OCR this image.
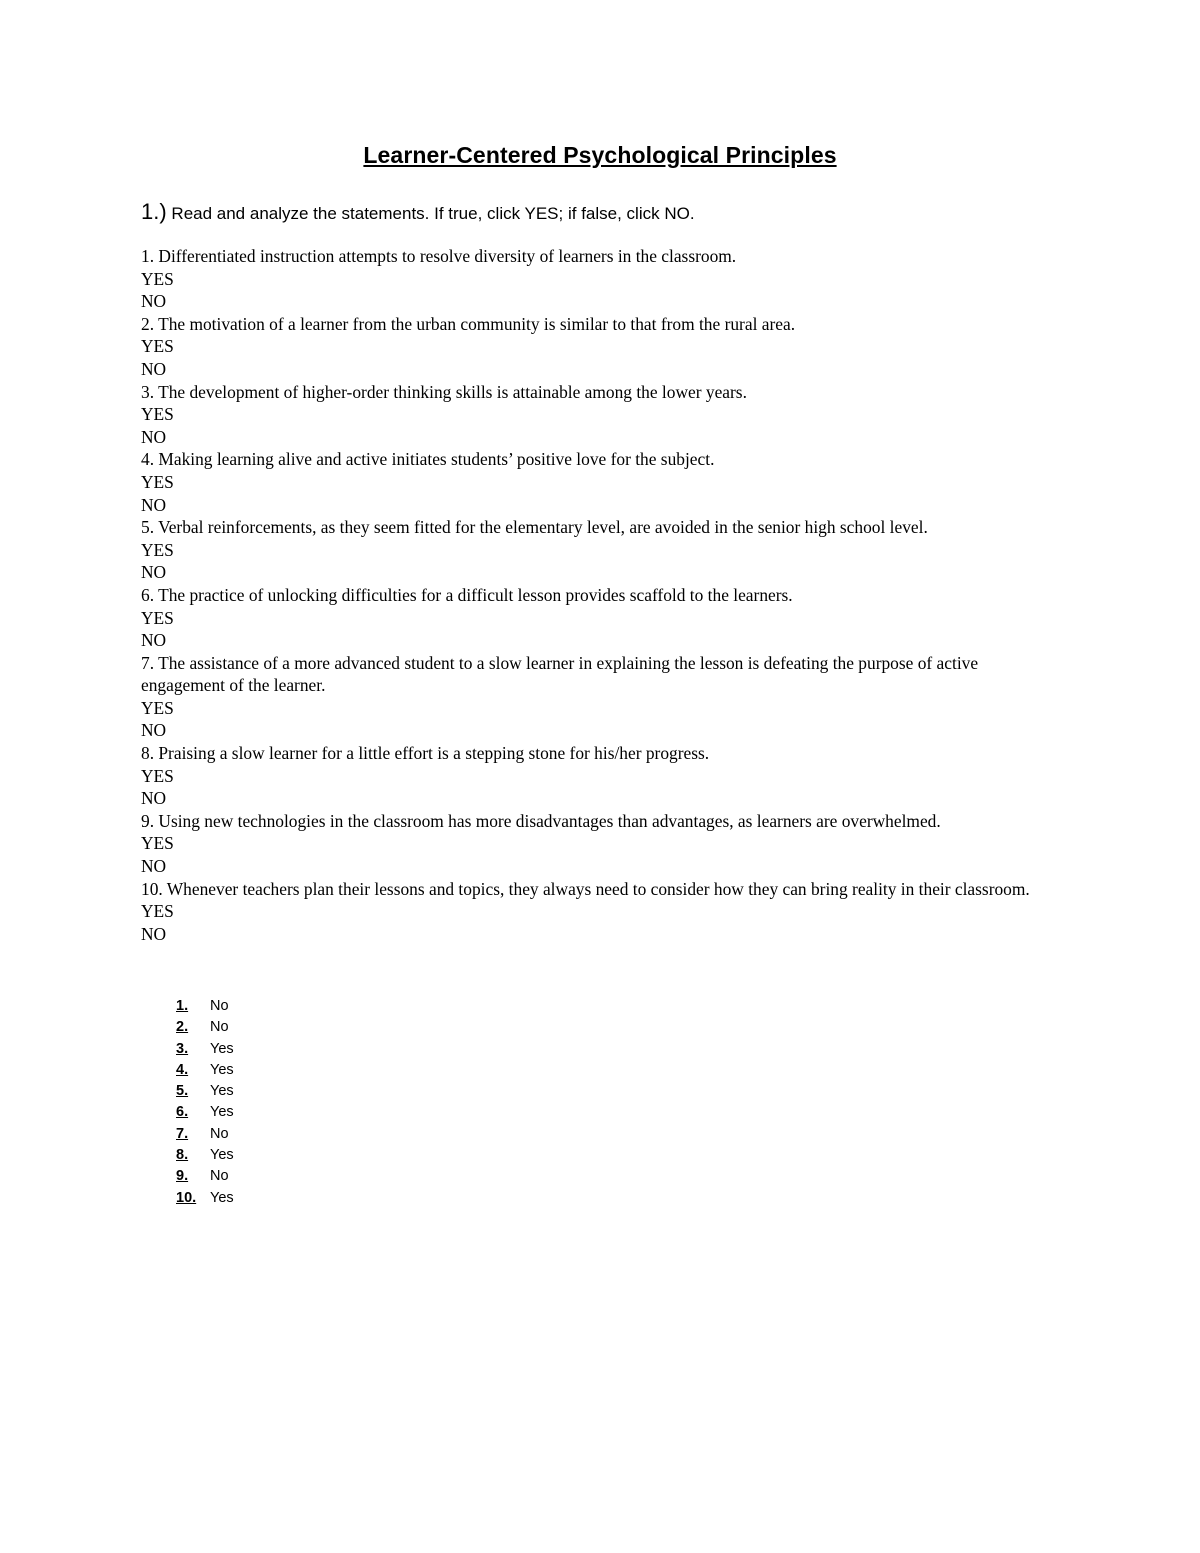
Learner-Centered Psychological Principles
1.) Read and analyze the statements. If true, click YES; if false, click NO.
1. Differentiated instruction attempts to resolve diversity of learners in the classroom.
YES
NO
2. The motivation of a learner from the urban community is similar to that from the rural area.
YES
NO
3. The development of higher-order thinking skills is attainable among the lower years.
YES
NO
4. Making learning alive and active initiates students’ positive love for the subject.
YES
NO
5. Verbal reinforcements, as they seem fitted for the elementary level, are avoided in the senior high school level.
YES
NO
6. The practice of unlocking difficulties for a difficult lesson provides scaffold to the learners.
YES
NO
7. The assistance of a more advanced student to a slow learner in explaining the lesson is defeating the purpose of active engagement of the learner.
YES
NO
8. Praising a slow learner for a little effort is a stepping stone for his/her progress.
YES
NO
9. Using new technologies in the classroom has more disadvantages than advantages, as learners are overwhelmed.
YES
NO
10. Whenever teachers plan their lessons and topics, they always need to consider how they can bring reality in their classroom.
YES
NO
1. No
2. No
3. Yes
4. Yes
5. Yes
6. Yes
7. No
8. Yes
9. No
10. Yes
